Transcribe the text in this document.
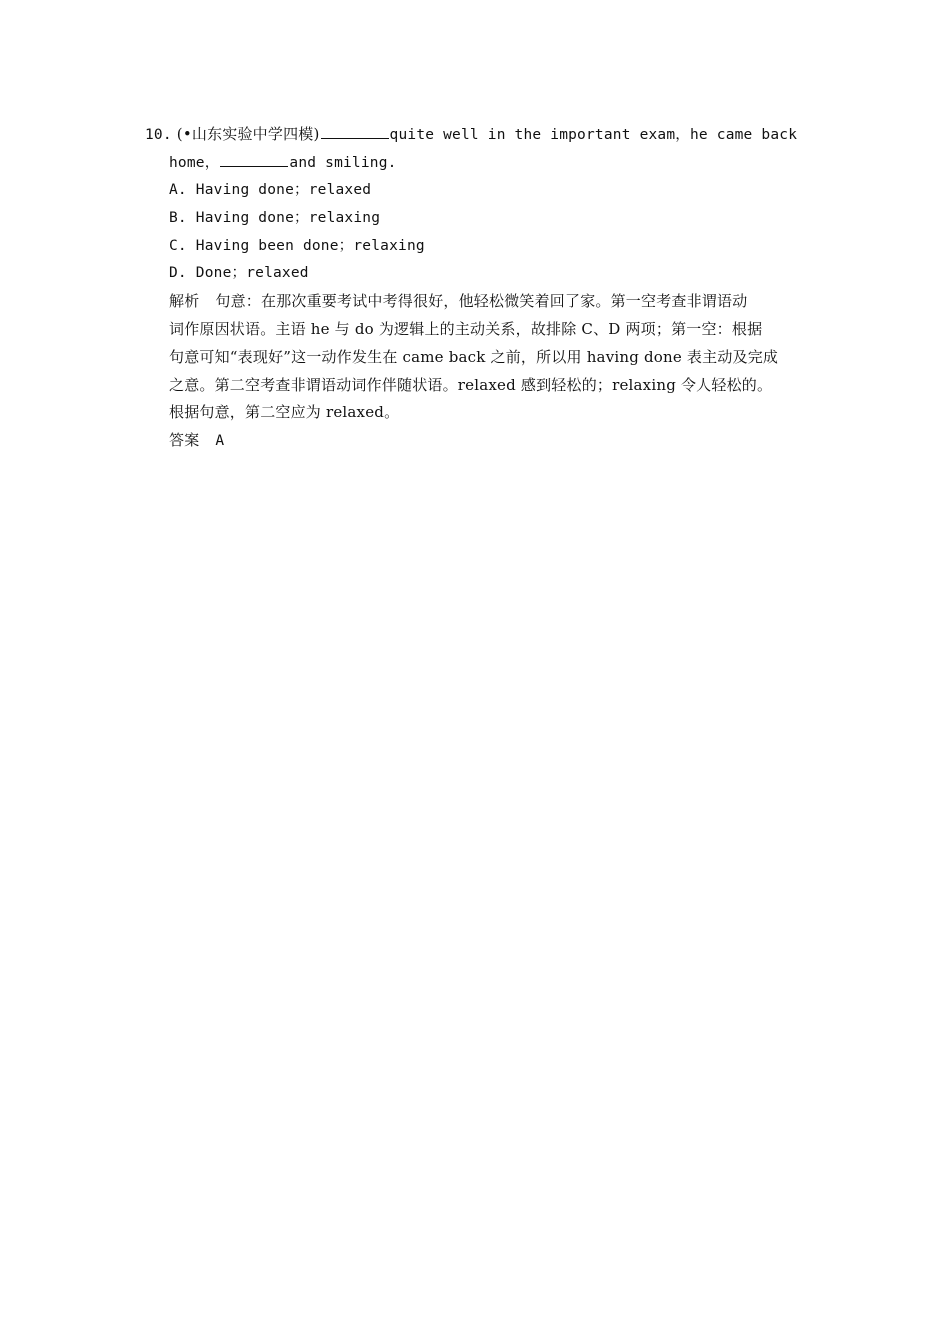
10. (•山东实验中学四模)	quite well in the important exam，he came back
home，	and smiling.
A. Having done；relaxed
B. Having done；relaxing
C. Having been done；relaxing
D. Done；relaxed
解析 句意：在那次重要考试中考得很好，他轻松微笑着回了家。第一空考查非谓语动
词作原因状语。主语 he 与 do 为逻辑上的主动关系，故排除 C、D 两项；第一空：根据
句意可知“表现好”这一动作发生在 came back 之前，所以用 having done 表主动及完成
之意。第二空考查非谓语动词作伴随状语。relaxed 感到轻松的；relaxing 令人轻松的。
根据句意，第二空应为 relaxed。
答案 A
